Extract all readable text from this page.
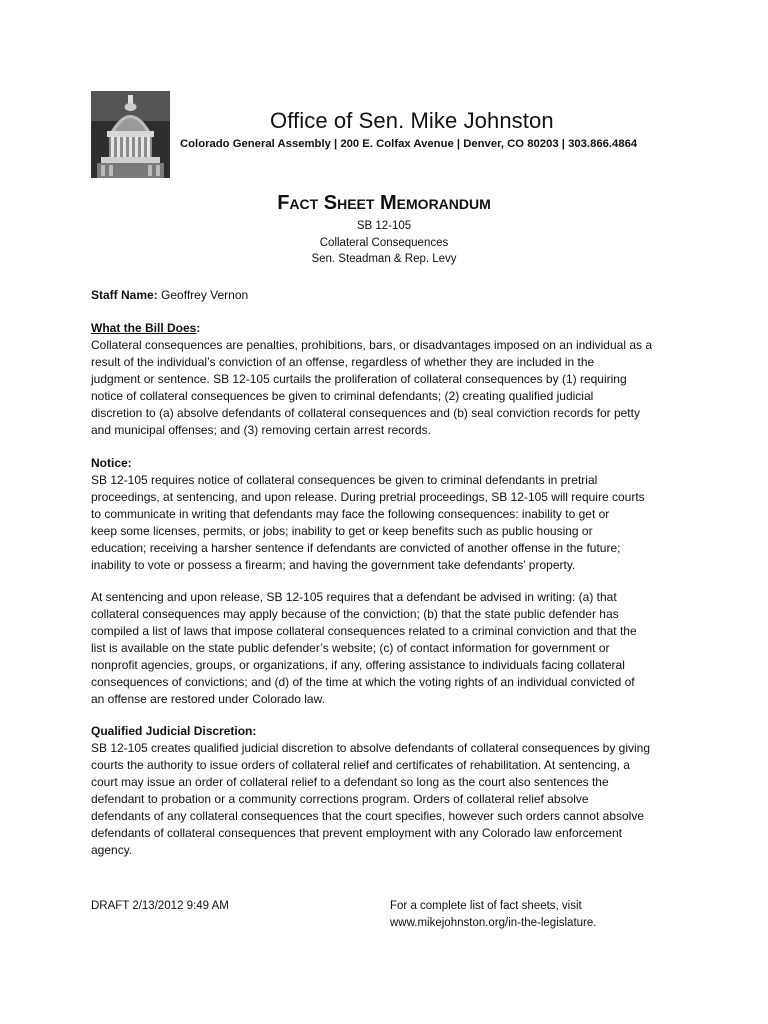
Office of Sen. Mike Johnston
Colorado General Assembly | 200 E. Colfax Avenue | Denver, CO 80203 | 303.866.4864
Fact Sheet Memorandum
SB 12-105
Collateral Consequences
Sen. Steadman & Rep. Levy
Staff Name: Geoffrey Vernon
What the Bill Does:
Collateral consequences are penalties, prohibitions, bars, or disadvantages imposed on an individual as a
result of the individual’s conviction of an offense, regardless of whether they are included in the
judgment or sentence. SB 12-105 curtails the proliferation of collateral consequences by (1) requiring
notice of collateral consequences be given to criminal defendants; (2) creating qualified judicial
discretion to (a) absolve defendants of collateral consequences and (b) seal conviction records for petty
and municipal offenses; and (3) removing certain arrest records.
Notice:
SB 12-105 requires notice of collateral consequences be given to criminal defendants in pretrial
proceedings, at sentencing, and upon release. During pretrial proceedings, SB 12-105 will require courts
to communicate in writing that defendants may face the following consequences: inability to get or
keep some licenses, permits, or jobs; inability to get or keep benefits such as public housing or
education; receiving a harsher sentence if defendants are convicted of another offense in the future;
inability to vote or possess a firearm; and having the government take defendants’ property.
At sentencing and upon release, SB 12-105 requires that a defendant be advised in writing: (a) that
collateral consequences may apply because of the conviction; (b) that the state public defender has
compiled a list of laws that impose collateral consequences related to a criminal conviction and that the
list is available on the state public defender’s website; (c) of contact information for government or
nonprofit agencies, groups, or organizations, if any, offering assistance to individuals facing collateral
consequences of convictions; and (d) of the time at which the voting rights of an individual convicted of
an offense are restored under Colorado law.
Qualified Judicial Discretion:
SB 12-105 creates qualified judicial discretion to absolve defendants of collateral consequences by giving
courts the authority to issue orders of collateral relief and certificates of rehabilitation. At sentencing, a
court may issue an order of collateral relief to a defendant so long as the court also sentences the
defendant to probation or a community corrections program. Orders of collateral relief absolve
defendants of any collateral consequences that the court specifies, however such orders cannot absolve
defendants of collateral consequences that prevent employment with any Colorado law enforcement
agency.
DRAFT 2/13/2012 9:49 AM	For a complete list of fact sheets, visit
www.mikejohnston.org/in-the-legislature.
